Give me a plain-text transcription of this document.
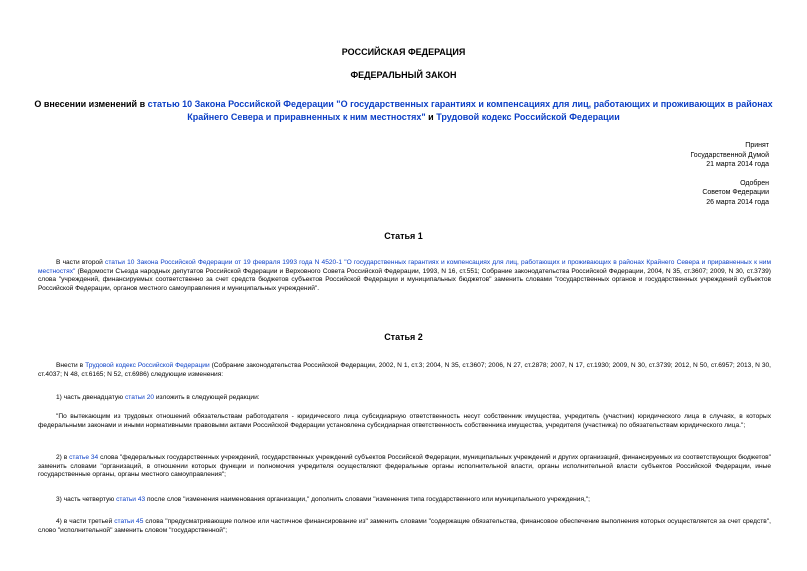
РОССИЙСКАЯ ФЕДЕРАЦИЯ
ФЕДЕРАЛЬНЫЙ ЗАКОН
О внесении изменений в статью 10 Закона Российской Федерации "О государственных гарантиях и компенсациях для лиц, работающих и проживающих в районах Крайнего Севера и приравненных к ним местностях" и Трудовой кодекс Российской Федерации
Принят
Государственной Думой
21 марта 2014 года
Одобрен
Советом Федерации
26 марта 2014 года
Статья 1
В части второй статьи 10 Закона Российской Федерации от 19 февраля 1993 года N 4520-1 "О государственных гарантиях и компенсациях для лиц, работающих и проживающих в районах Крайнего Севера и приравненных к ним местностях" (Ведомости Съезда народных депутатов Российской Федерации и Верховного Совета Российской Федерации, 1993, N 16, ст.551; Собрание законодательства Российской Федерации, 2004, N 35, ст.3607; 2009, N 30, ст.3739) слова "учреждений, финансируемых соответственно за счет средств бюджетов субъектов Российской Федерации и муниципальных бюджетов" заменить словами "государственных органов и государственных учреждений субъектов Российской Федерации, органов местного самоуправления и муниципальных учреждений".
Статья 2
Внести в Трудовой кодекс Российской Федерации (Собрание законодательства Российской Федерации, 2002, N 1, ст.3; 2004, N 35, ст.3607; 2006, N 27, ст.2878; 2007, N 17, ст.1930; 2009, N 30, ст.3739; 2012, N 50, ст.6957; 2013, N 30, ст.4037; N 48, ст.6165; N 52, ст.6986) следующие изменения:
1) часть двенадцатую статьи 20 изложить в следующей редакции:
"По вытекающим из трудовых отношений обязательствам работодателя - юридического лица субсидиарную ответственность несут собственник имущества, учредитель (участник) юридического лица в случаях, в которых федеральными законами и иными нормативными правовыми актами Российской Федерации установлена субсидиарная ответственность собственника имущества, учредителя (участника) по обязательствам юридического лица.";
2) в статье 34 слова "федеральных государственных учреждений, государственных учреждений субъектов Российской Федерации, муниципальных учреждений и других организаций, финансируемых из соответствующих бюджетов" заменить словами "организаций, в отношении которых функции и полномочия учредителя осуществляют федеральные органы исполнительной власти, органы исполнительной власти субъектов Российской Федерации, иные государственные органы, органы местного самоуправления";
3) часть четвертую статьи 43 после слов "изменения наименования организации," дополнить словами "изменения типа государственного или муниципального учреждения,";
4) в части третьей статьи 45 слова "предусматривающие полное или частичное финансирование из" заменить словами "содержащие обязательства, финансовое обеспечение выполнения которых осуществляется за счет средств", слово "исполнительной" заменить словом "государственной";
